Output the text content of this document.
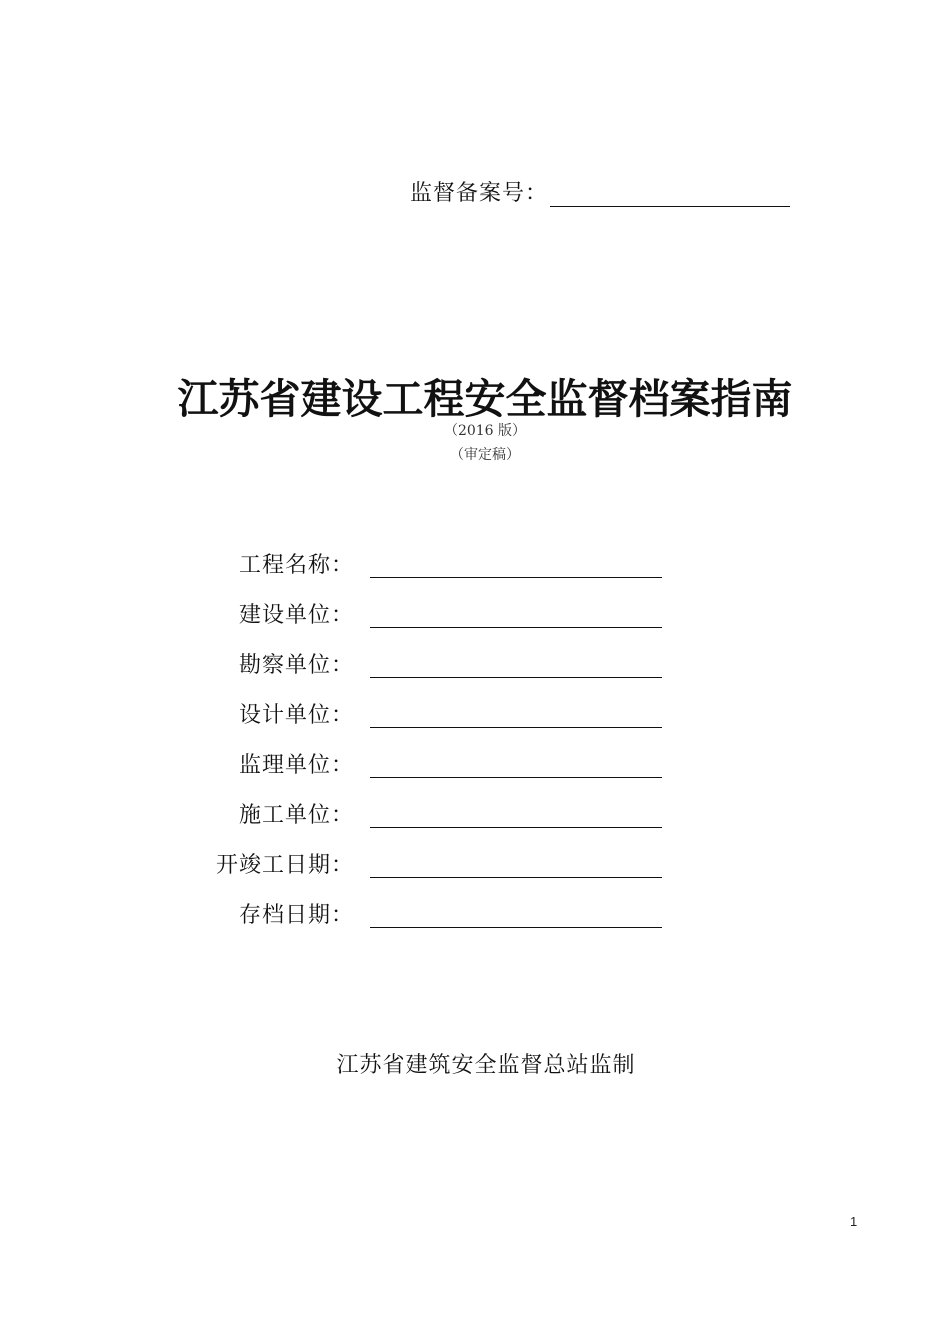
监督备案号：
江苏省建设工程安全监督档案指南
（2016 版）
（审定稿）
工程名称：
建设单位：
勘察单位：
设计单位：
监理单位：
施工单位：
开竣工日期：
存档日期：
江苏省建筑安全监督总站监制
1
